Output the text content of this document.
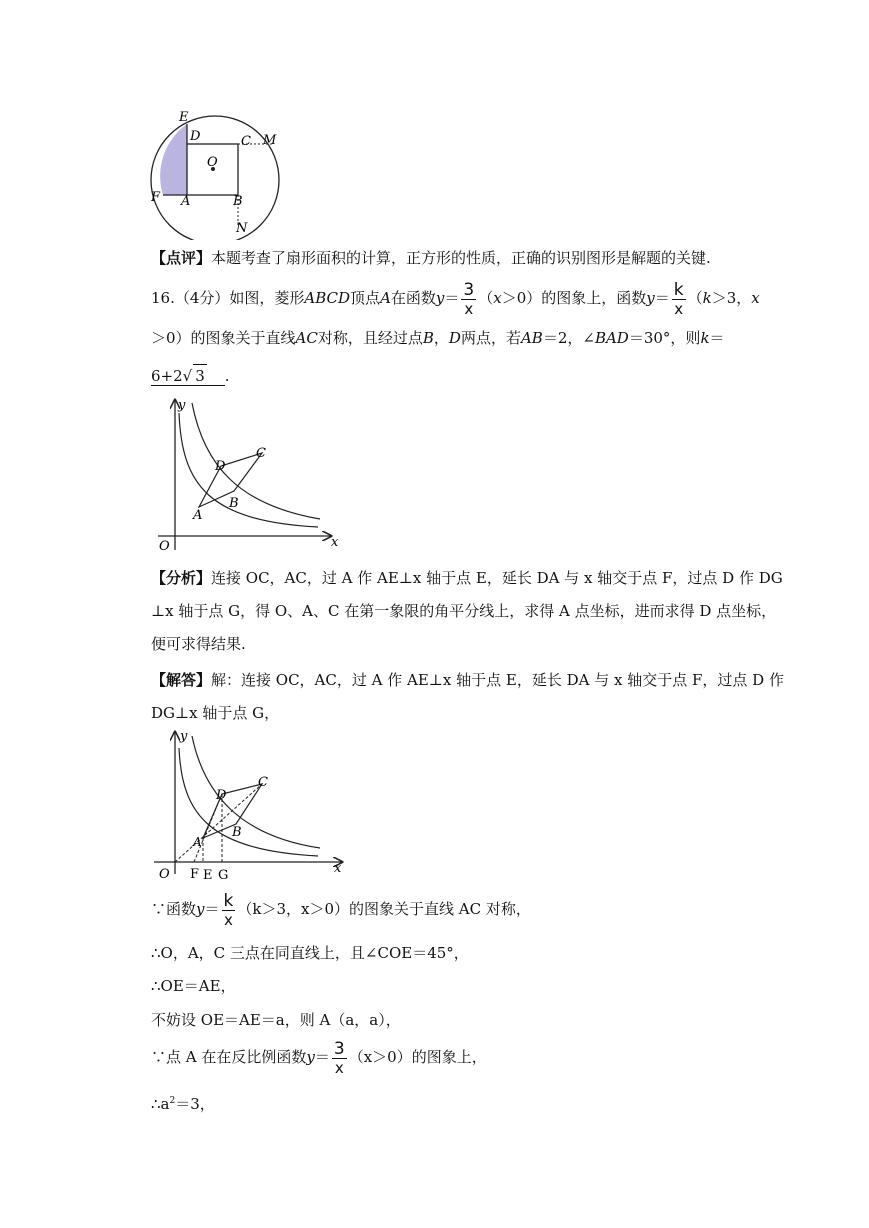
E
D	C M
O
F A	B
N
【点评】本题考查了扇形面积的计算，正方形的性质，正确的识别图形是解题的关键.
16.（4分）如图，菱形ABCD顶点A在函数$y= \frac{3}{x} (x>0)$的图象上，函数$y= \frac{k}{x} (k>3$，x
＞0）的图象关于直线AC对称，且经过点B，D两点，若AB＝2，∠BAD＝30°，则k＝
6+2√ 3 .
y
x
O
A
B
C
D
【分析】连接 OC，AC，过 A 作 AE⊥x 轴于点 E，延长 DA 与 x 轴交于点 F，过点 D 作 DG
⊥x 轴于点 G，得 O、A、C 在第一象限的角平分线上，求得 A 点坐标，进而求得 D 点坐标，
便可求得结果.
【解答】解：连接 OC，AC，过 A 作 AE⊥x 轴于点 E，延长 DA 与 x 轴交于点 F，过点 D 作
DG⊥x 轴于点 G，
y
x
O
A
B
C
D
F E G
∵函数$y= \frac{k}{x} (k>3$，x＞0）的图象关于直线 AC 对称，
∴O，A，C 三点在同直线上，且∠COE＝45°，
∴OE＝AE，
不妨设 OE＝AE＝a，则 A（a，a），
∵点 A 在在反比例函数$y= \frac{3}{x} (x>0)$的图象上，
$\therefore a^2=3$，
